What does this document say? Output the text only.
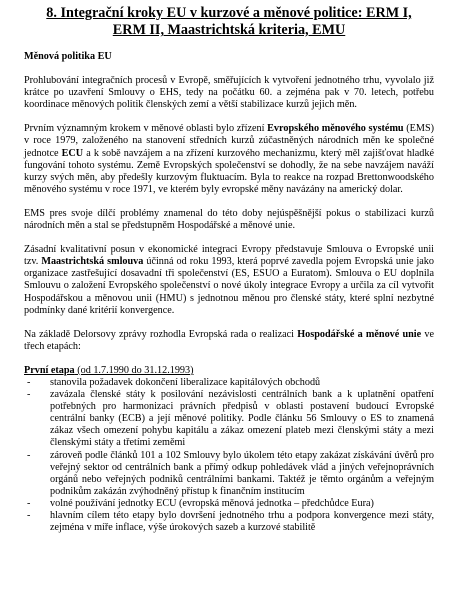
8. Integrační kroky EU v kurzové a měnové politice: ERM I, ERM II, Maastrichtská kriteria, EMU
Měnová politika EU

Prohlubování integračních procesů v Evropě, směřujících k vytvoření jednotného trhu, vyvolalo již krátce po uzavření Smlouvy o EHS, tedy na počátku 60. a zejména pak v 70. letech, potřebu koordinace měnových politik členských zemí a větší stabilizace kurzů jejich měn.

Prvním významným krokem v měnové oblasti bylo zřízení Evropského měnového systému (EMS) v roce 1979, založeného na stanovení středních kurzů zúčastněných národních měn ke společné jednotce ECU a k sobě navzájem a na zřízení kurzového mechanizmu, který měl zajišťovat hladké fungování tohoto systému. Země Evropských společenství se dohodly, že na sebe navzájem naváží kurzy svých měn, aby předešly kurzovým fluktuacím. Byla to reakce na rozpad Brettonwoodského měnového systému v roce 1971, ve kterém byly evropské měny navázány na americký dolar.

EMS pres svoje dílčí problémy znamenal do této doby nejúspěšnější pokus o stabilizaci kurzů národních měn a stal se předstupněm Hospodářské a měnové unie.

Zásadní kvalitativní posun v ekonomické integraci Evropy představuje Smlouva o Evropské unii tzv. Maastrichtská smlouva účinná od roku 1993, která poprvé zavedla pojem Evropská unie jako organizace zastřešující dosavadní tři společenství (ES, ESUO a Euratom). Smlouva o EU doplnila Smlouvu o založení Evropského společenství o nové úkoly integrace Evropy a určila za cíl vytvořit Hospodářskou a měnovou unii (HMU) s jednotnou měnou pro členské státy, které splní nezbytné podmínky dané kritérií konvergence.

Na základě Delorsovy zprávy rozhodla Evropská rada o realizaci Hospodářské a měnové unie ve třech etapách:

První etapa (od 1.7.1990 do 31.12.1993)
- stanovila požadavek dokončení liberalizace kapitálových obchodů
- zavázala členské státy k posilování nezávislosti centrálních bank a k uplatnění opatření potřebných pro harmonizaci právních předpisů v oblasti postavení budoucí Evropské centrální banky (ECB) a její měnové politiky. Podle článku 56 Smlouvy o ES to znamená zákaz všech omezení pohybu kapitálu a zákaz omezení plateb mezi členskými státy a mezi členskými státy a třetími zeměmi
- zároveň podle článků 101 a 102 Smlouvy bylo úkolem této etapy zakázat získávání úvěrů pro veřejný sektor od centrálních bank a přímý odkup pohledávek vlád a jiných veřejnoprávních orgánů nebo veřejných podniků centrálními bankami. Taktéž je těmto orgánům a veřejným podnikům zakázán zvýhodněný přístup k finančním institucím
- volné používání jednotky ECU (evropská měnová jednotka – předchůdce Eura)
- hlavním cílem této etapy bylo dovršení jednotného trhu a podpora konvergence mezi státy, zejména v míře inflace, výše úrokových sazeb a kurzové stabilitě
